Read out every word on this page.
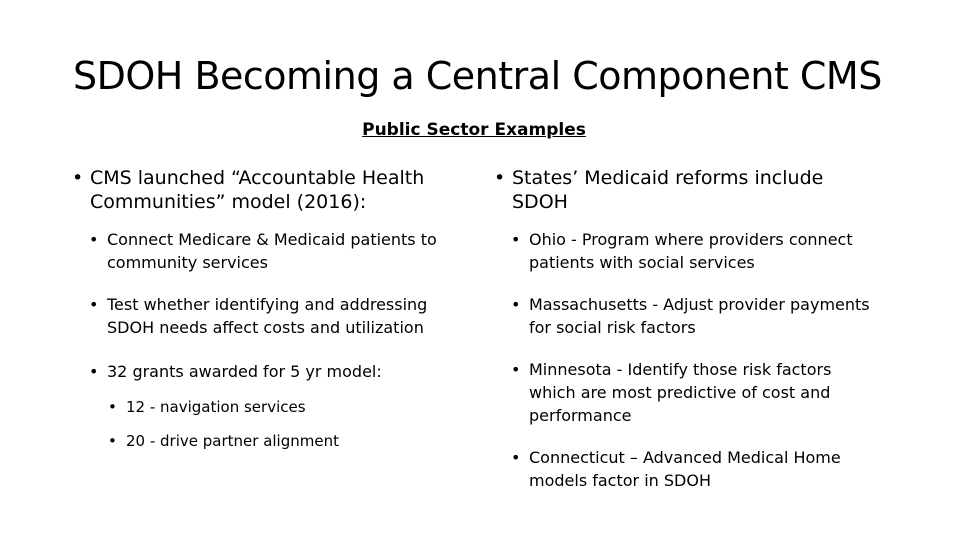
SDOH Becoming a Central Component CMS
Public Sector Examples
• CMS launched “Accountable Health Communities” model (2016):
• Connect Medicare & Medicaid patients to community services
• Test whether identifying and addressing SDOH needs affect costs and utilization
• 32 grants awarded for 5 yr model:
• 12 - navigation services
• 20 - drive partner alignment
• States’ Medicaid reforms include SDOH
• Ohio - Program where providers connect patients with social services
• Massachusetts - Adjust provider payments for social risk factors
• Minnesota - Identify those risk factors which are most predictive of cost and performance
• Connecticut – Advanced Medical Home models factor in SDOH
